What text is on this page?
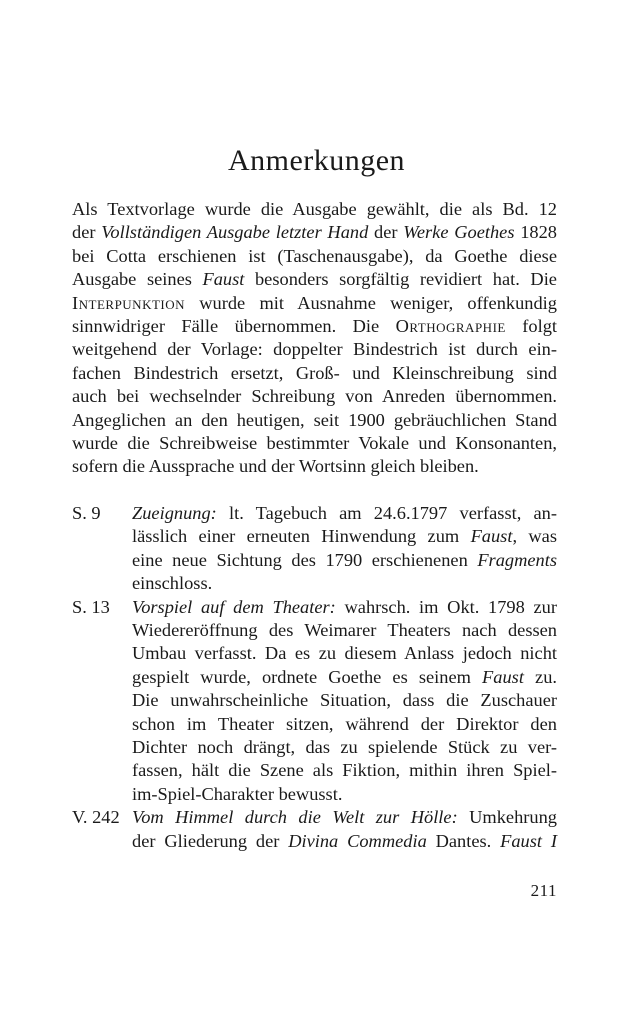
Anmerkungen
Als Textvorlage wurde die Ausgabe gewählt, die als Bd. 12
der Vollständigen Ausgabe letzter Hand der Werke Goethes 1828
bei Cotta erschienen ist (Taschenausgabe), da Goethe diese
Ausgabe seines Faust besonders sorgfältig revidiert hat. Die
Interpunktion wurde mit Ausnahme weniger, offenkundig
sinnwidriger Fälle übernommen. Die Orthographie folgt
weitgehend der Vorlage: doppelter Bindestrich ist durch ein-
fachen Bindestrich ersetzt, Groß- und Kleinschreibung sind
auch bei wechselnder Schreibung von Anreden übernommen.
Angeglichen an den heutigen, seit 1900 gebräuchlichen Stand
wurde die Schreibweise bestimmter Vokale und Konsonanten,
sofern die Aussprache und der Wortsinn gleich bleiben.
S. 9	Zueignung: lt. Tagebuch am 24.6.1797 verfasst, an-
lässlich einer erneuten Hinwendung zum Faust, was
eine neue Sichtung des 1790 erschienenen Fragments
einschloss.
S. 13	Vorspiel auf dem Theater: wahrsch. im Okt. 1798 zur
Wiedereröffnung des Weimarer Theaters nach dessen
Umbau verfasst. Da es zu diesem Anlass jedoch nicht
gespielt wurde, ordnete Goethe es seinem Faust zu.
Die unwahrscheinliche Situation, dass die Zuschauer
schon im Theater sitzen, während der Direktor den
Dichter noch drängt, das zu spielende Stück zu ver-
fassen, hält die Szene als Fiktion, mithin ihren Spiel-
im-Spiel-Charakter bewusst.
V. 242 Vom Himmel durch die Welt zur Hölle: Umkehrung
der Gliederung der Divina Commedia Dantes. Faust I
211
